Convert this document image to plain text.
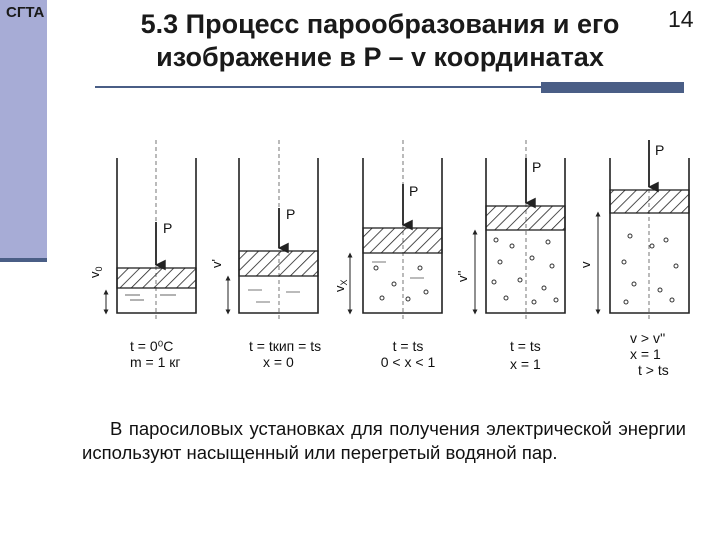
СГТА	5.3 Процесс парообразования и его
изображение в P – v координатах
14
P
P
P
P
P
$v_0$
v'
$v_X$
v''
v
t = 0⁰C
m = 1 кг
t = tкип = ts
x = 0
t = ts
0 < x < 1
t = ts
x = 1
v > v''
x = 1
t > ts
В паросиловых установках для получения электрической энергии используют насыщенный или перегретый водяной пар.
